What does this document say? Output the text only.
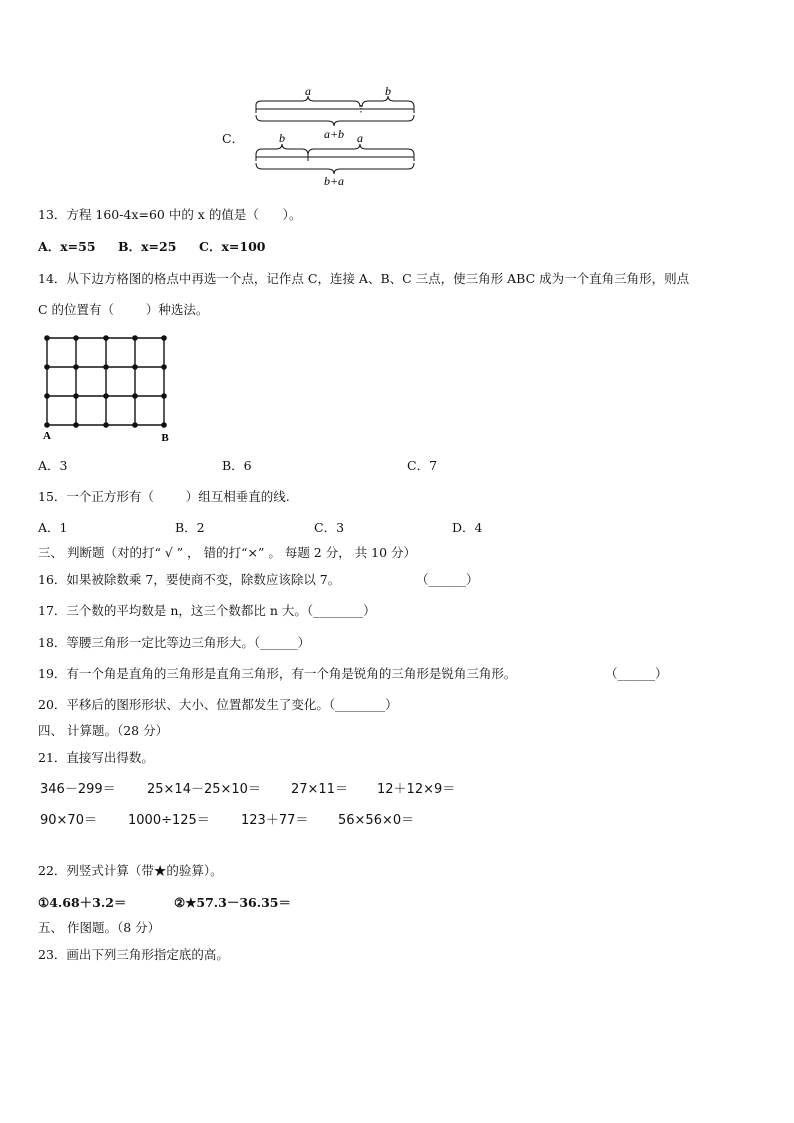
C．
a	b
a+b
b	a
b+a
13．方程 160-4x=60 中的 x 的值是（      ）。
A．x=55 B．x=25 C．x=100
14．从下边方格图的格点中再选一个点，记作点 C，连接 A、B、C 三点，使三角形 ABC 成为一个直角三角形，则点
C 的位置有（        ）种选法。
A	B
A．3	B．6	C．7
15．一个正方形有（        ）组互相垂直的线.
A．1	B．2	C．3	D．4
三、 判断题（对的打“ √ ” ， 错的打“×” 。 每题 2 分， 共 10 分）
16．如果被除数乘 7，要使商不变，除数应该除以 7。	（______）
17．三个数的平均数是 n，这三个数都比 n 大。（________）
18．等腰三角形一定比等边三角形大。（______）
19．有一个角是直角的三角形是直角三角形，有一个角是锐角的三角形是锐角三角形。	（______）
20．平移后的图形形状、大小、位置都发生了变化。（________）
四、 计算题。（28 分）
21．直接写出得数。
346－299＝ 25×14－25×10＝ 27×11＝ 12＋12×9＝
90×70＝ 1000÷125＝ 123＋77＝ 56×56×0＝
22．列竖式计算（带★的验算）。
①4.68＋3.2＝	②★57.3－36.35＝
五、 作图题。（8 分）
23．画出下列三角形指定底的高。
